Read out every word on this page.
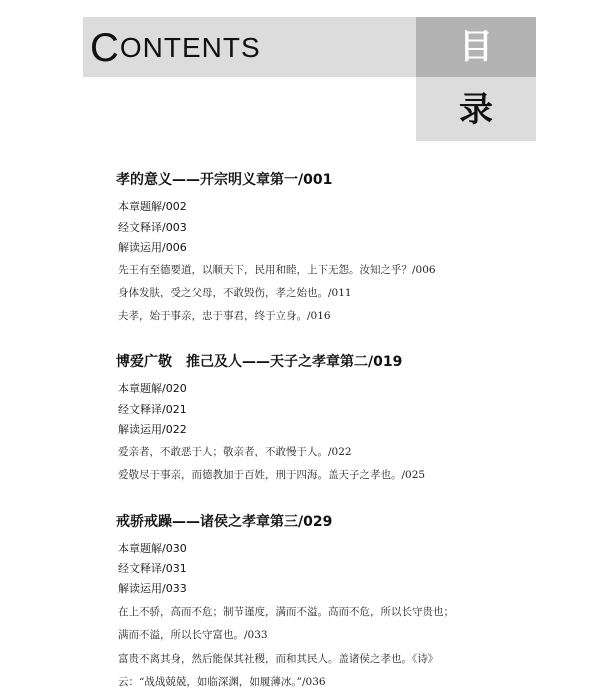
CONTENTS	目
录
孝的意义——开宗明义章第一/001
本章题解/002
经文释译/003
解读运用/006
先王有至德要道，以顺天下，民用和睦，上下无怨。汝知之乎？/006
身体发肤，受之父母，不敢毁伤，孝之始也。/011
夫孝，始于事亲，忠于事君，终于立身。/016
博爱广敬　推己及人——天子之孝章第二/019
本章题解/020
经文释译/021
解读运用/022
爱亲者，不敢恶于人；敬亲者，不敢慢于人。/022
爱敬尽于事亲，而德教加于百姓，刑于四海。盖天子之孝也。/025
戒骄戒躁——诸侯之孝章第三/029
本章题解/030
经文释译/031
解读运用/033
在上不骄，高而不危；制节谨度，满而不溢。高而不危，所以长守贵也；
满而不溢，所以长守富也。/033
富贵不离其身，然后能保其社稷，而和其民人。盖诸侯之孝也。《诗》
云：“战战兢兢，如临深渊，如履薄冰。”/036
